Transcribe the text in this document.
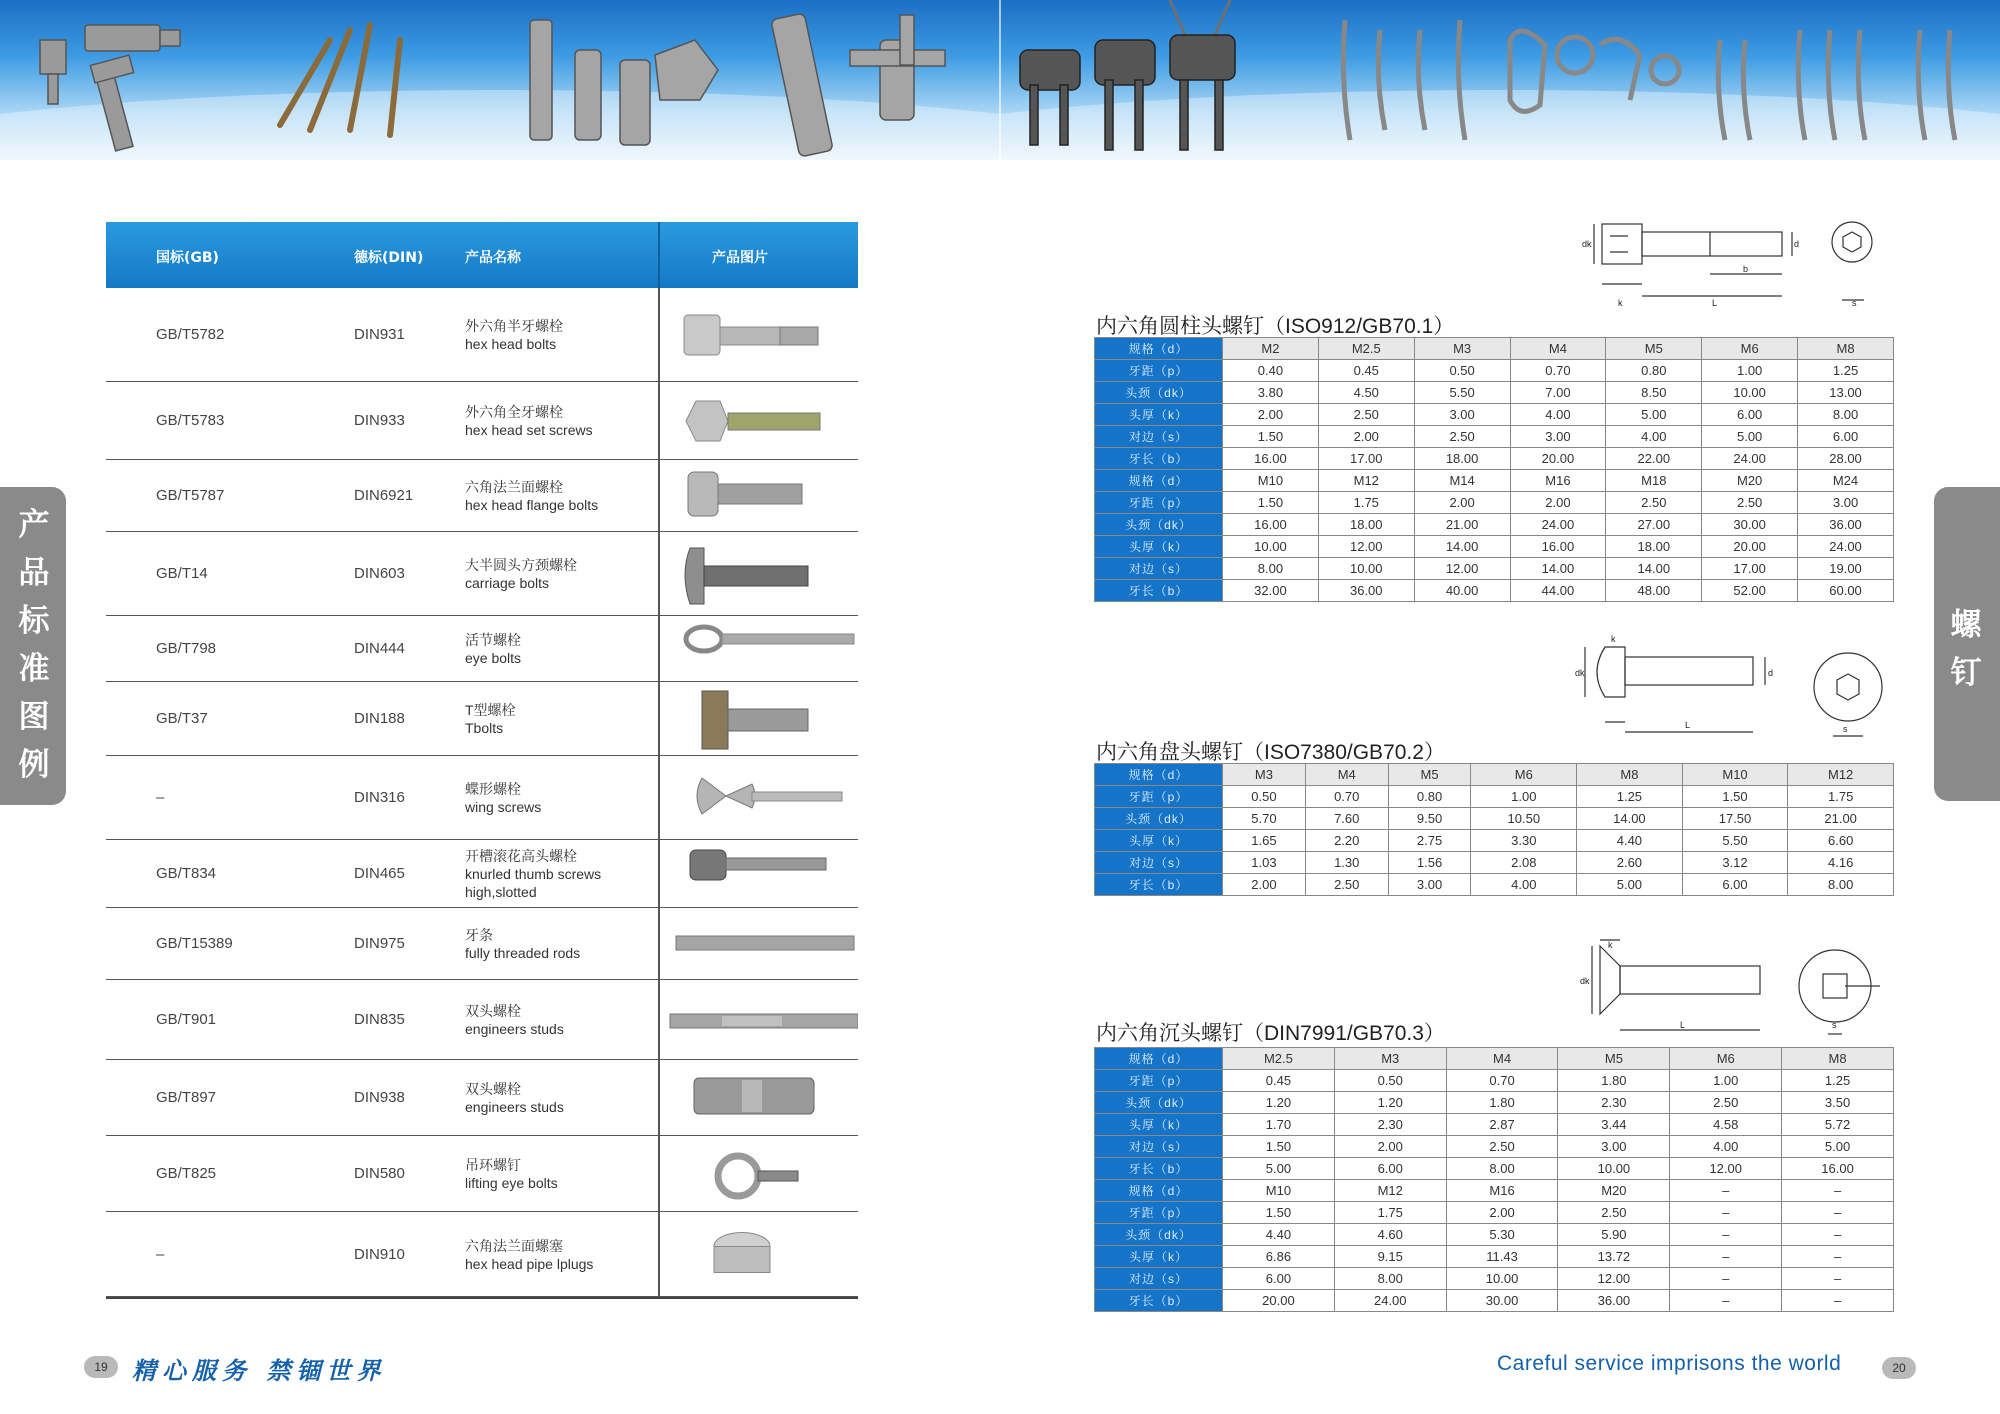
产
品
标
准
图
例
螺
钉
国标(GB)	德标(DIN)	产品名称	产品图片
GB/T5782	DIN931	外六角半牙螺栓
hex head bolts
GB/T5783	DIN933	外六角全牙螺栓
hex head set screws
GB/T5787	DIN6921	六角法兰面螺栓
hex head flange bolts
GB/T14	DIN603	大半圆头方颈螺栓
carriage bolts
GB/T798	DIN444	活节螺栓
eye bolts
GB/T37	DIN188	T型螺栓
Tbolts
–	DIN316	蝶形螺栓
wing screws
GB/T834	DIN465
开槽滚花高头螺栓
knurled thumb screws
high,slotted
GB/T15389	DIN975	牙条
fully threaded rods
GB/T901	DIN835	双头螺栓
engineers studs
GB/T897	DIN938	双头螺栓
engineers studs
GB/T825	DIN580	吊环螺钉
lifting eye bolts
–	DIN910	六角法兰面螺塞
hex head pipe lplugs
dk	d
k	L
b
s
内六角圆柱头螺钉（ISO912/GB70.1）
规格（d）	M2	M2.5	M3	M4	M5	M6	M8
牙距（p）	0.40	0.45	0.50	0.70	0.80	1.00	1.25
头颈（dk）	3.80	4.50	5.50	7.00	8.50	10.00	13.00
头厚（k）	2.00	2.50	3.00	4.00	5.00	6.00	8.00
对边（s）	1.50	2.00	2.50	3.00	4.00	5.00	6.00
牙长（b）	16.00	17.00	18.00	20.00	22.00	24.00	28.00
规格（d）	M10	M12	M14	M16	M18	M20	M24
牙距（p）	1.50	1.75	2.00	2.00	2.50	2.50	3.00
头颈（dk）	16.00	18.00	21.00	24.00	27.00	30.00	36.00
头厚（k）	10.00	12.00	14.00	16.00	18.00	20.00	24.00
对边（s）	8.00	10.00	12.00	14.00	14.00	17.00	19.00
牙长（b）	32.00	36.00	40.00	44.00	48.00	52.00	60.00
dk	d
k
L	s
内六角盘头螺钉（ISO7380/GB70.2）
规格（d）	M3	M4	M5	M6	M8	M10	M12
牙距（p）	0.50	0.70	0.80	1.00	1.25	1.50	1.75
头颈（dk）	5.70	7.60	9.50	10.50	14.00	17.50	21.00
头厚（k）	1.65	2.20	2.75	3.30	4.40	5.50	6.60
对边（s）	1.03	1.30	1.56	2.08	2.60	3.12	4.16
牙长（b）	2.00	2.50	3.00	4.00	5.00	6.00	8.00
dk
k
L	s
内六角沉头螺钉（DIN7991/GB70.3）
规格（d）	M2.5	M3	M4	M5	M6	M8
牙距（p）	0.45	0.50	0.70	1.80	1.00	1.25
头颈（dk）	1.20	1.20	1.80	2.30	2.50	3.50
头厚（k）	1.70	2.30	2.87	3.44	4.58	5.72
对边（s）	1.50	2.00	2.50	3.00	4.00	5.00
牙长（b）	5.00	6.00	8.00	10.00	12.00	16.00
规格（d）	M10	M12	M16	M20	–	–
牙距（p）	1.50	1.75	2.00	2.50	–	–
头颈（dk）	4.40	4.60	5.30	5.90	–	–
头厚（k）	6.86	9.15	11.43	13.72	–	–
对边（s）	6.00	8.00	10.00	12.00	–	–
牙长（b）	20.00	24.00	30.00	36.00	–	–
19	精心服务 禁锢世界	Careful service imprisons the world	20
